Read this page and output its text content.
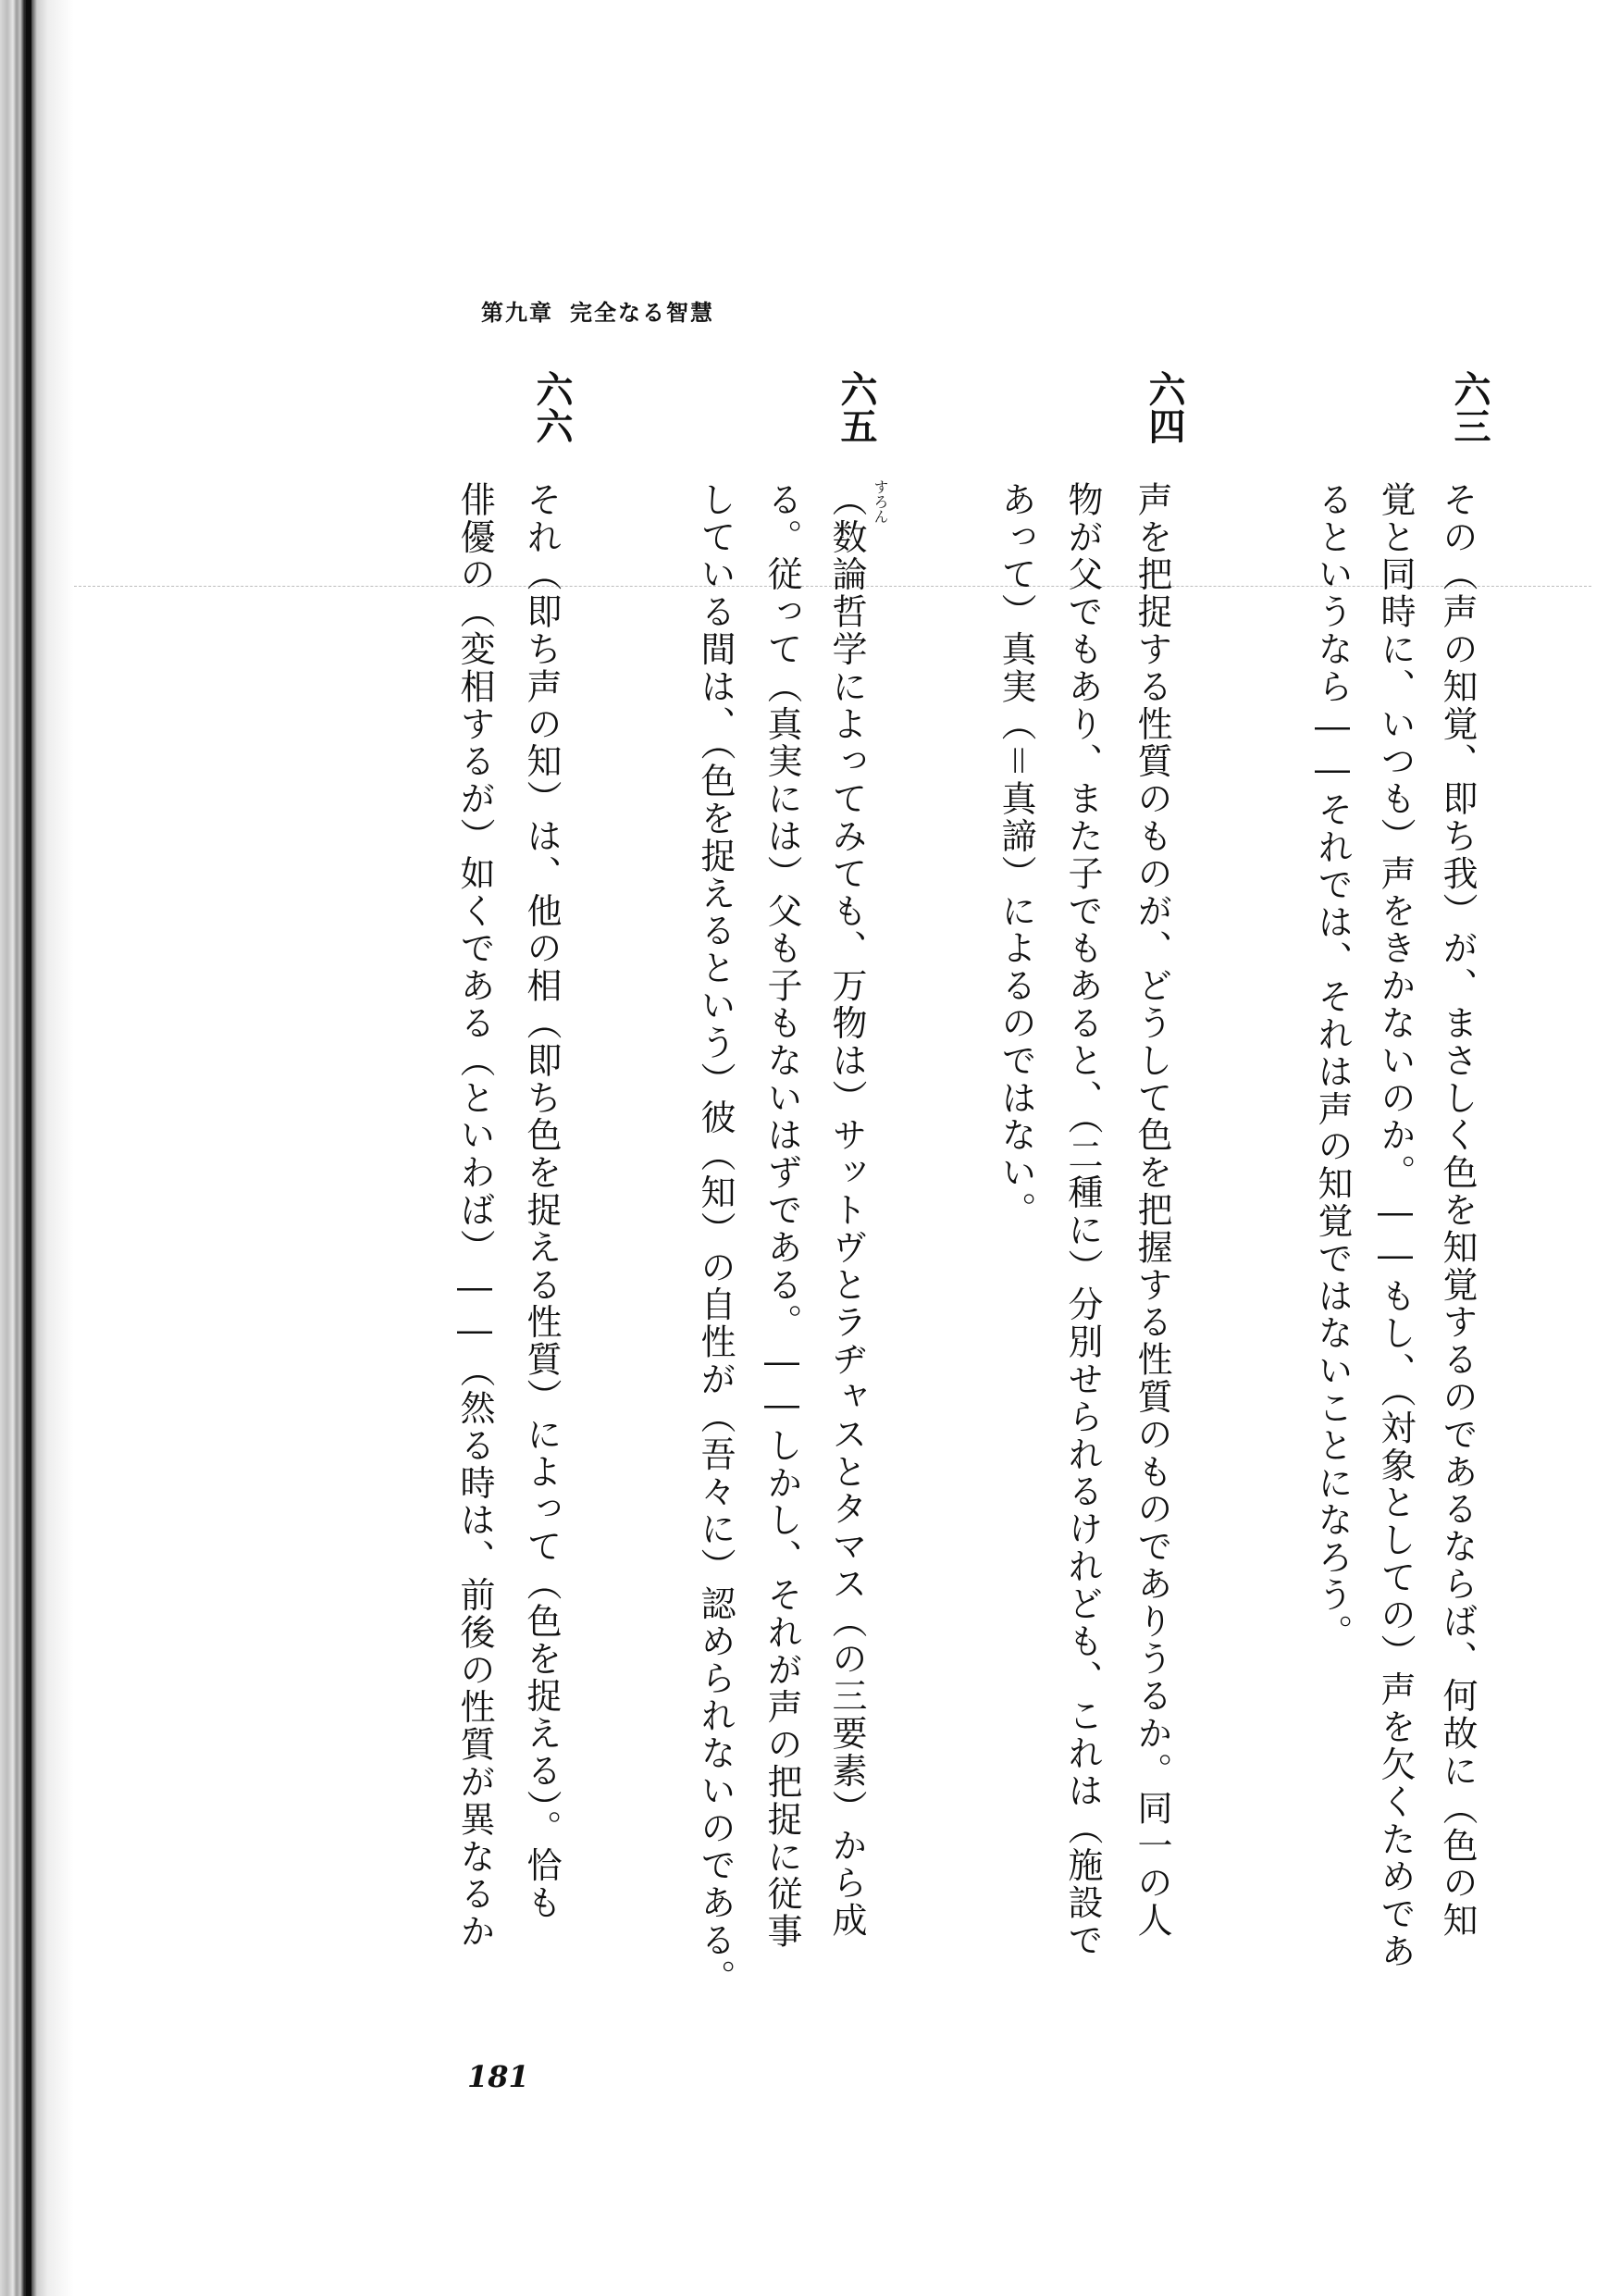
第九章 完全なる智慧
六三
その（声の知覚、即ち我）が、まさしく色を知覚するのであるならば、何故に（色の知
覚と同時に、いつも）声をきかないのか。――もし、（対象としての）声を欠くためであ
るというなら――それでは、それは声の知覚ではないことになろう。
六四
声を把捉する性質のものが、どうして色を把握する性質のものでありうるか。同一の人
物が父でもあり、また子でもあると、（二種に）分別せられるけれども、これは（施設で
あって）真実（＝真諦）によるのではない。
六五
（数論哲学によってみても、万物は）サットヴとラヂャスとタマス（の三要素）から成
る。従って（真実には）父も子もないはずである。――しかし、それが声の把捉に従事
している間は、（色を捉えるという）彼（知）の自性が（吾々に）認められないのである。
六六
それ（即ち声の知）は、他の相（即ち色を捉える性質）によって（色を捉える）。恰も
俳優の（変相するが）如くである（といわば）――（然る時は、前後の性質が異なるか	すろん
181
